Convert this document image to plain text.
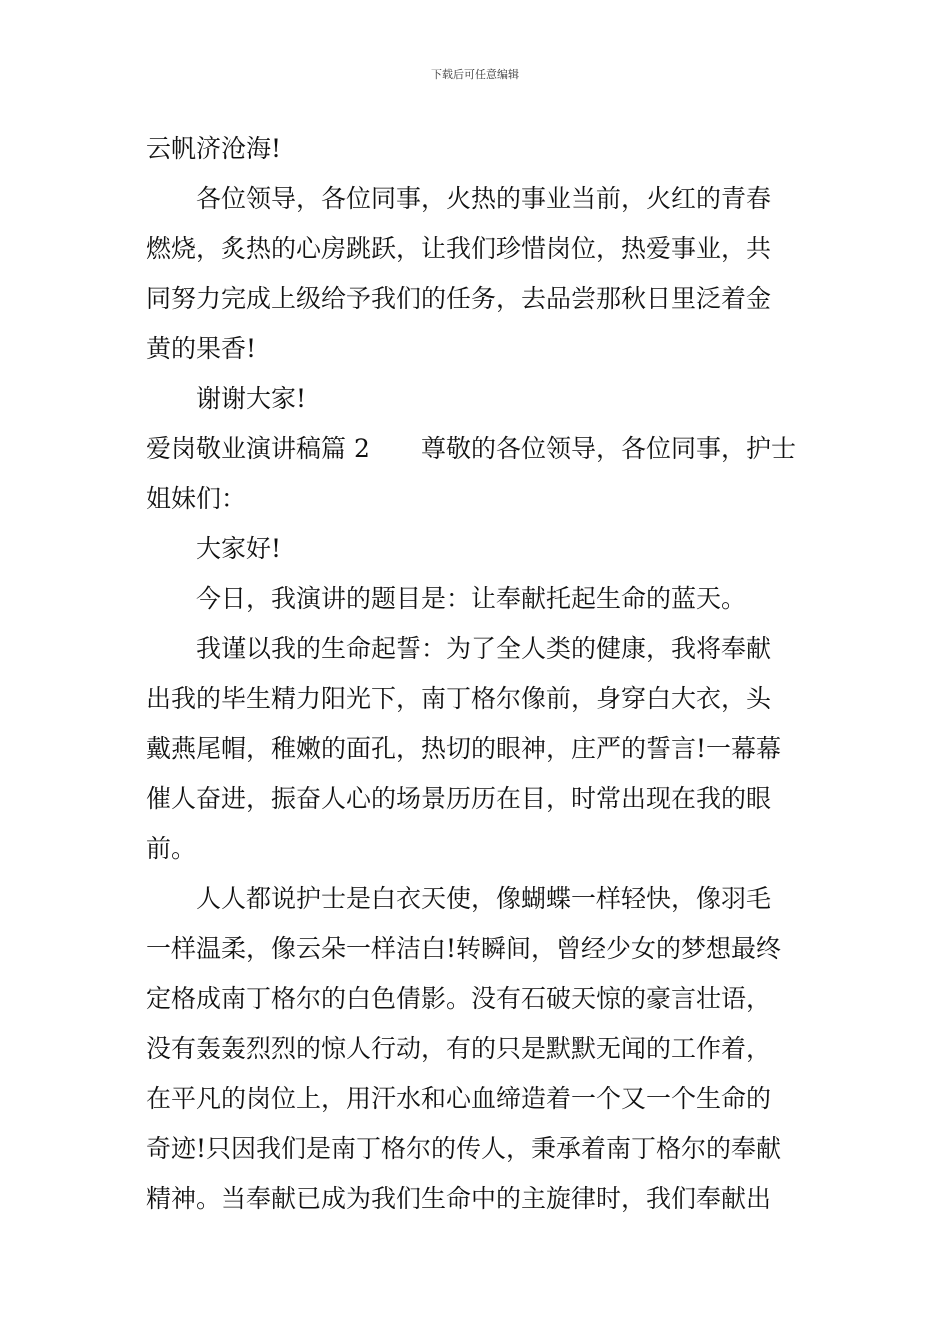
下载后可任意编辑
云帆济沧海!
各位领导，各位同事，火热的事业当前，火红的青春
燃烧，炙热的心房跳跃，让我们珍惜岗位，热爱事业，共
同努力完成上级给予我们的任务，去品尝那秋日里泛着金
黄的果香!
谢谢大家!
爱岗敬业演讲稿篇 2 尊敬的各位领导，各位同事，护士
姐妹们：
大家好!
今日，我演讲的题目是：让奉献托起生命的蓝天。
我谨以我的生命起誓：为了全人类的健康，我将奉献
出我的毕生精力阳光下，南丁格尔像前，身穿白大衣，头
戴燕尾帽，稚嫩的面孔，热切的眼神，庄严的誓言!一幕幕
催人奋进，振奋人心的场景历历在目，时常出现在我的眼
前。
人人都说护士是白衣天使，像蝴蝶一样轻快，像羽毛
一样温柔，像云朵一样洁白!转瞬间，曾经少女的梦想最终
定格成南丁格尔的白色倩影。没有石破天惊的豪言壮语，
没有轰轰烈烈的惊人行动，有的只是默默无闻的工作着，
在平凡的岗位上，用汗水和心血缔造着一个又一个生命的
奇迹!只因我们是南丁格尔的传人，秉承着南丁格尔的奉献
精神。当奉献已成为我们生命中的主旋律时，我们奉献出
